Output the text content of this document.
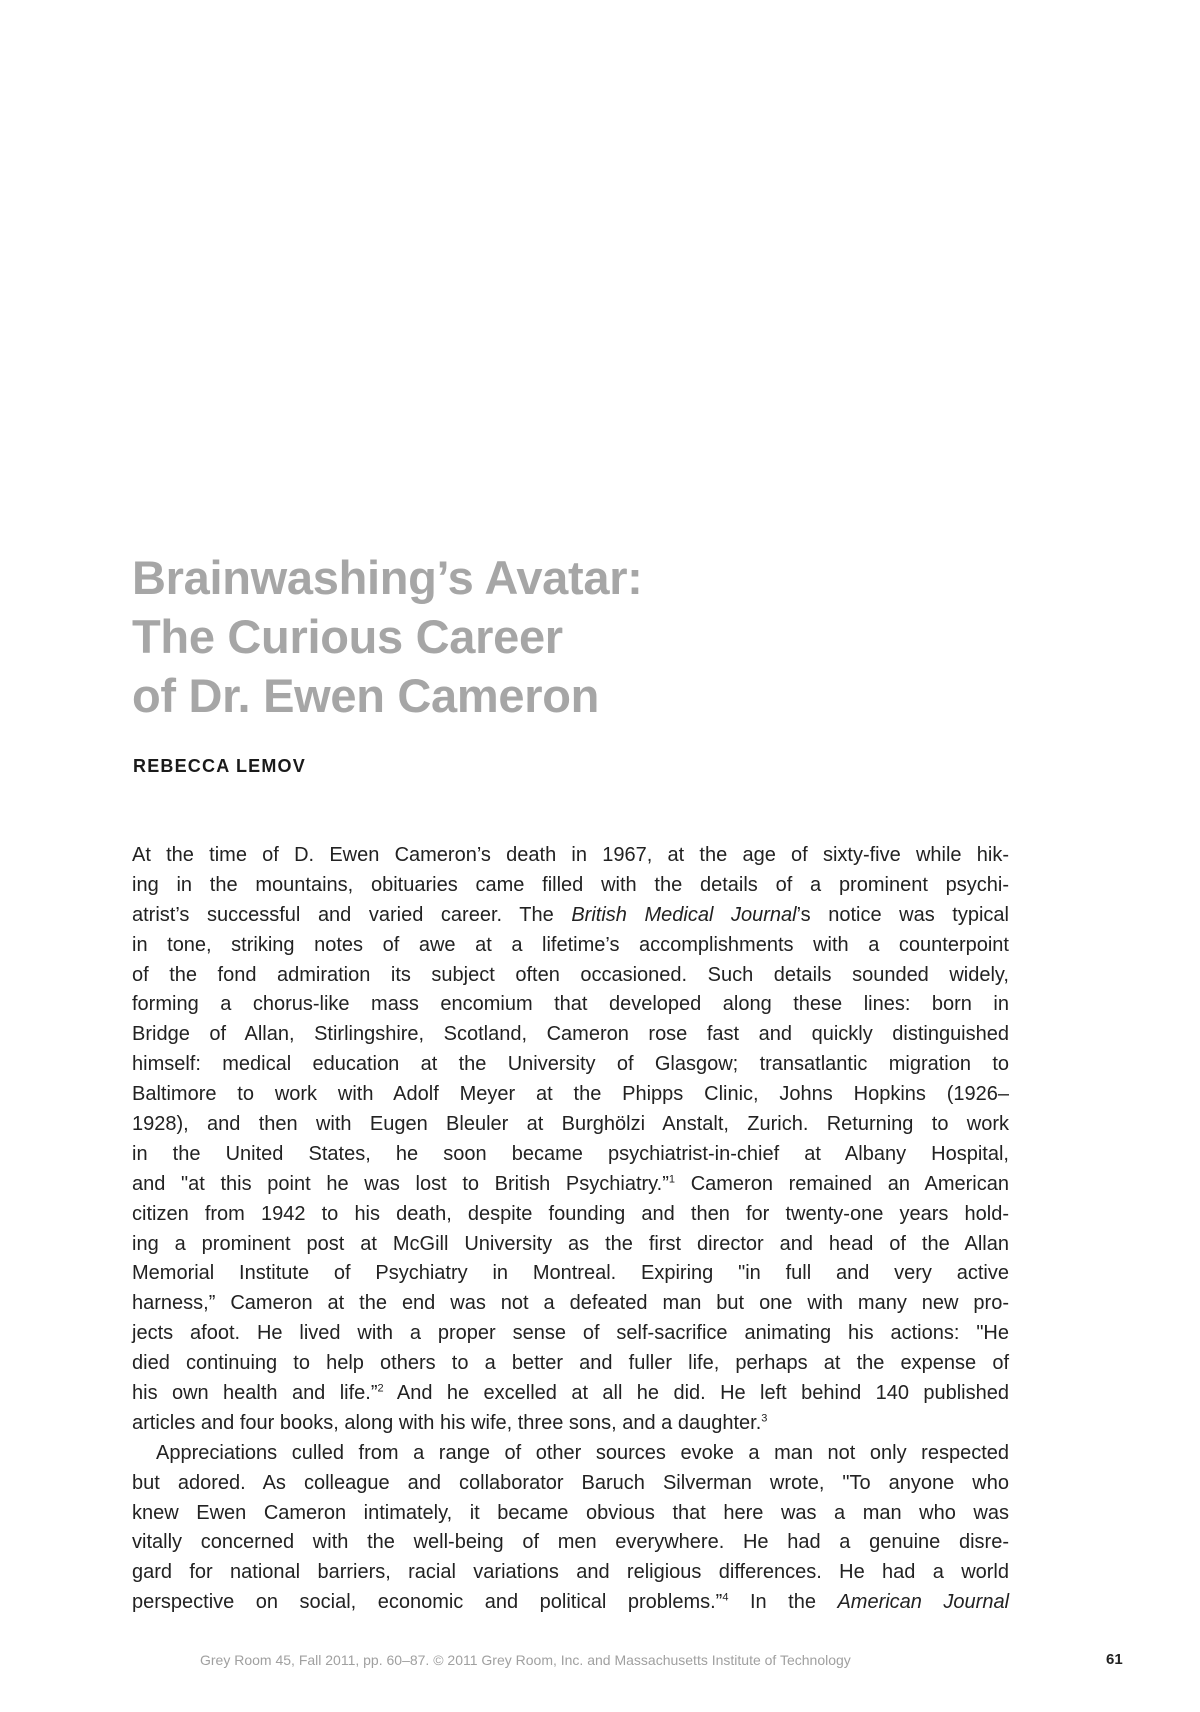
Brainwashing’s Avatar:
The Curious Career
of Dr. Ewen Cameron
REBECCA LEMOV
At the time of D. Ewen Cameron’s death in 1967, at the age of sixty-five while hik-
ing in the mountains, obituaries came filled with the details of a prominent psychi-
atrist’s successful and varied career. The British Medical Journal’s notice was typical
in tone, striking notes of awe at a lifetime’s accomplishments with a counterpoint
of the fond admiration its subject often occasioned. Such details sounded widely,
forming a chorus-like mass encomium that developed along these lines: born in
Bridge of Allan, Stirlingshire, Scotland, Cameron rose fast and quickly distinguished
himself: medical education at the University of Glasgow; transatlantic migration to
Baltimore to work with Adolf Meyer at the Phipps Clinic, Johns Hopkins (1926–
1928), and then with Eugen Bleuler at Burghölzi Anstalt, Zurich. Returning to work
in the United States, he soon became psychiatrist-in-chief at Albany Hospital,
and "at this point he was lost to British Psychiatry.”$^1$ Cameron remained an American
citizen from 1942 to his death, despite founding and then for twenty-one years hold-
ing a prominent post at McGill University as the first director and head of the Allan
Memorial Institute of Psychiatry in Montreal. Expiring "in full and very active
harness,” Cameron at the end was not a defeated man but one with many new pro-
jects afoot. He lived with a proper sense of self-sacrifice animating his actions: "He
died continuing to help others to a better and fuller life, perhaps at the expense of
his own health and life.”$^2$ And he excelled at all he did. He left behind 140 published
articles and four books, along with his wife, three sons, and a daughter.$^3$
Appreciations culled from a range of other sources evoke a man not only respected
but adored. As colleague and collaborator Baruch Silverman wrote, "To anyone who
knew Ewen Cameron intimately, it became obvious that here was a man who was
vitally concerned with the well-being of men everywhere. He had a genuine disre-
gard for national barriers, racial variations and religious differences. He had a world
perspective on social, economic and political problems.”$^4$ In the American Journal
Grey Room 45, Fall 2011, pp. 60–87. © 2011 Grey Room, Inc. and Massachusetts Institute of Technology	61
